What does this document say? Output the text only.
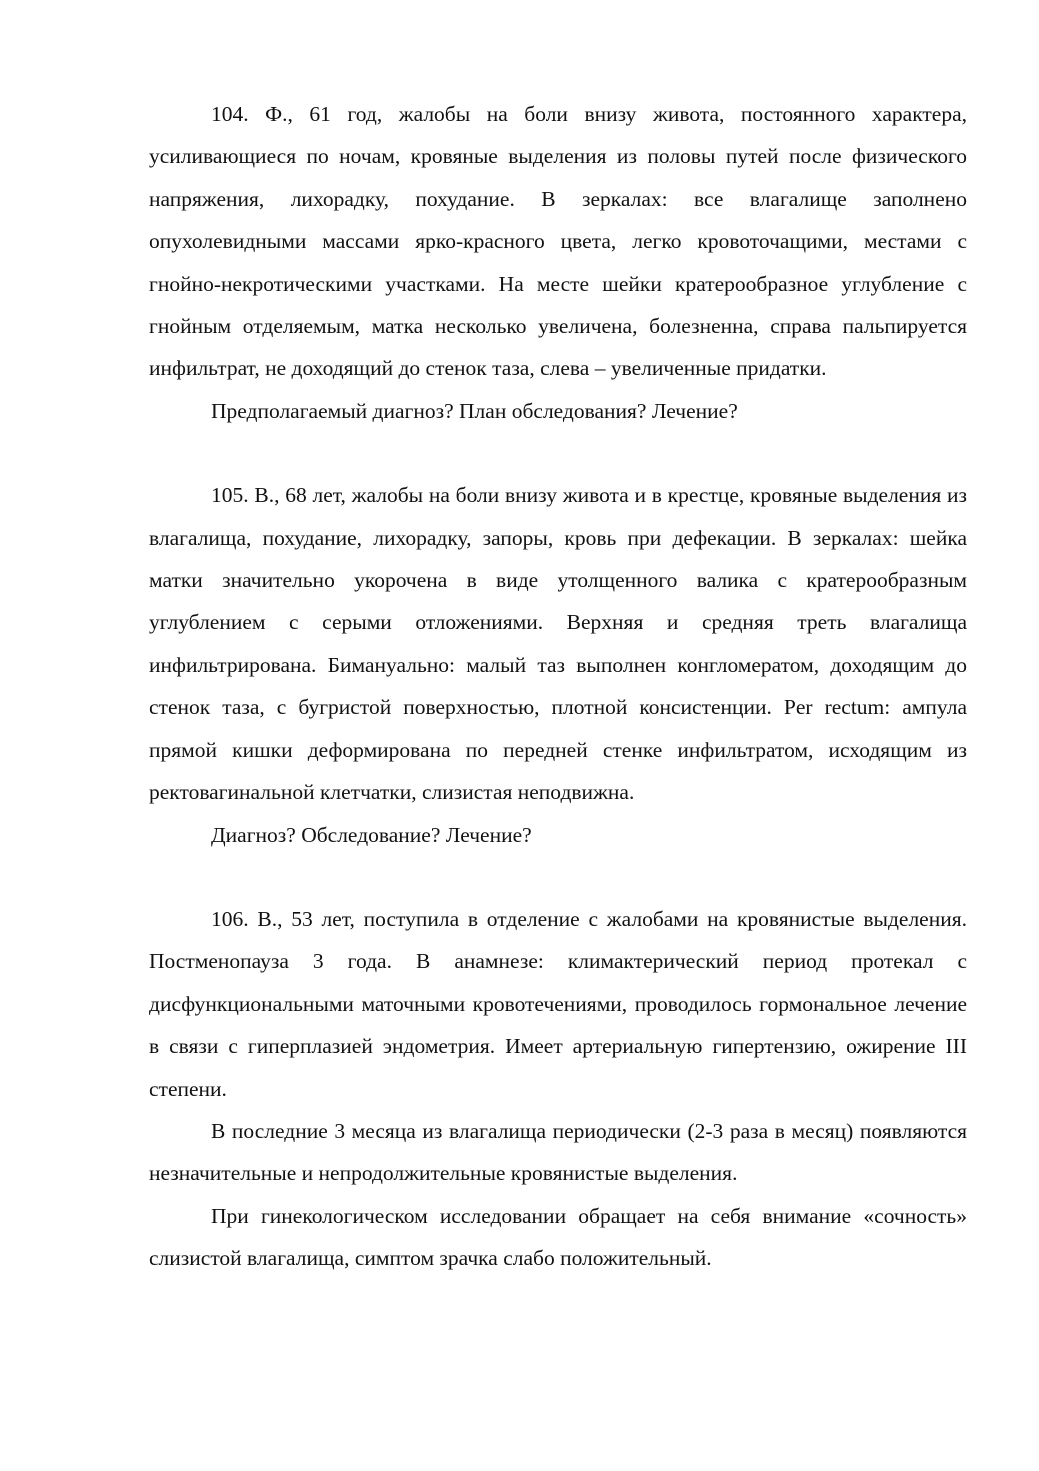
104. Ф., 61 год, жалобы на боли внизу живота, постоянного характера, усиливающиеся по ночам, кровяные выделения из половы путей после физического напряжения, лихорадку, похудание. В зеркалах: все влагалище заполнено опухолевидными массами ярко-красного цвета, легко кровоточащими, местами с гнойно-некротическими участками. На месте шейки кратерообразное углубление с гнойным отделяемым, матка несколько увеличена, болезненна, справа пальпируется инфильтрат, не доходящий до стенок таза, слева – увеличенные придатки.

Предполагаемый диагноз? План обследования? Лечение?

105. В., 68 лет, жалобы на боли внизу живота и в крестце, кровяные выделения из влагалища, похудание, лихорадку, запоры, кровь при дефекации. В зеркалах: шейка матки значительно укорочена в виде утолщенного валика с кратерообразным углублением с серыми отложениями. Верхняя и средняя треть влагалища инфильтрирована. Бимануально: малый таз выполнен конгломератом, доходящим до стенок таза, с бугристой поверхностью, плотной консистенции. Per rectum: ампула прямой кишки деформирована по передней стенке инфильтратом, исходящим из ректовагинальной клетчатки, слизистая неподвижна.

Диагноз? Обследование? Лечение?

106. В., 53 лет, поступила в отделение с жалобами на кровянистые выделения. Постменопауза 3 года. В анамнезе: климактерический период протекал с дисфункциональными маточными кровотечениями, проводилось гормональное лечение в связи с гиперплазией эндометрия. Имеет артериальную гипертензию, ожирение III степени.

В последние 3 месяца из влагалища периодически (2-3 раза в месяц) появляются незначительные и непродолжительные кровянистые выделения.

При гинекологическом исследовании обращает на себя внимание «сочность» слизистой влагалища, симптом зрачка слабо положительный.
